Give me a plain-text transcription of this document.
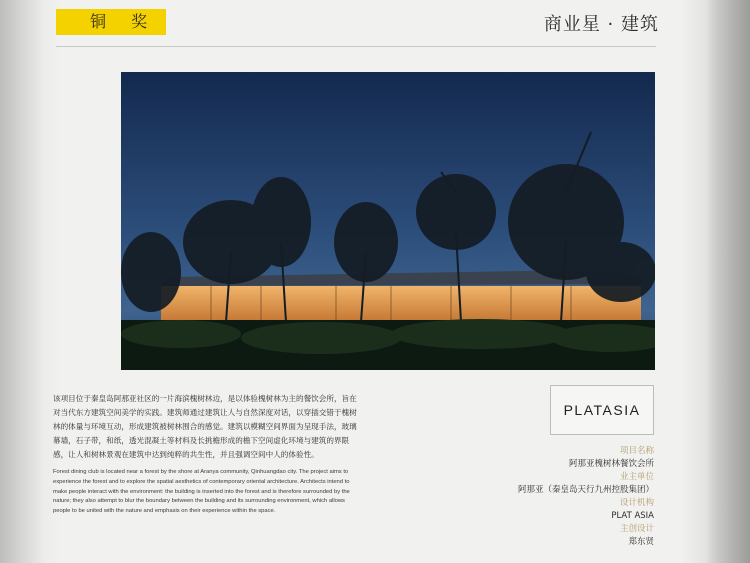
铜 奖	商业星 · 建筑

该项目位于秦皇岛阿那亚社区的一片海滨槐树林边，是以体验槐树林为主的餐饮会所，旨在对当代东方建筑空间美学的实践。建筑师通过建筑让人与自然深度对话，以穿插交错于槐树林的体量与环境互动，形成建筑被树林围合的感觉。建筑以模糊空间界面为呈现手法，玻璃幕墙，石子带，和纸，透光混凝土等材料及长挑檐形成的檐下空间虚化环境与建筑的界限感，让人和树林景观在建筑中达到纯粹的共生性，并且强调空间中人的体验性。

Forest dining club is located near a forest by the shore at Aranya community, Qinhuangdao city. The project aims to experience the forest and to explore the spatial aesthetics of contemporary oriental architecture. Architects intend to make people interact with the environment: the building is inserted into the forest and is therefore surrounded by the nature; they also attempt to blur the boundary between the building and its surrounding environment, which allows people to be united with the nature and emphasis on their experience within the space.

PLATASIA
项目名称
阿那亚槐树林餐饮会所
业主单位
阿那亚（秦皇岛天行九州控股集团）
设计机构
PLAT ASIA
主创设计
郑东贤
